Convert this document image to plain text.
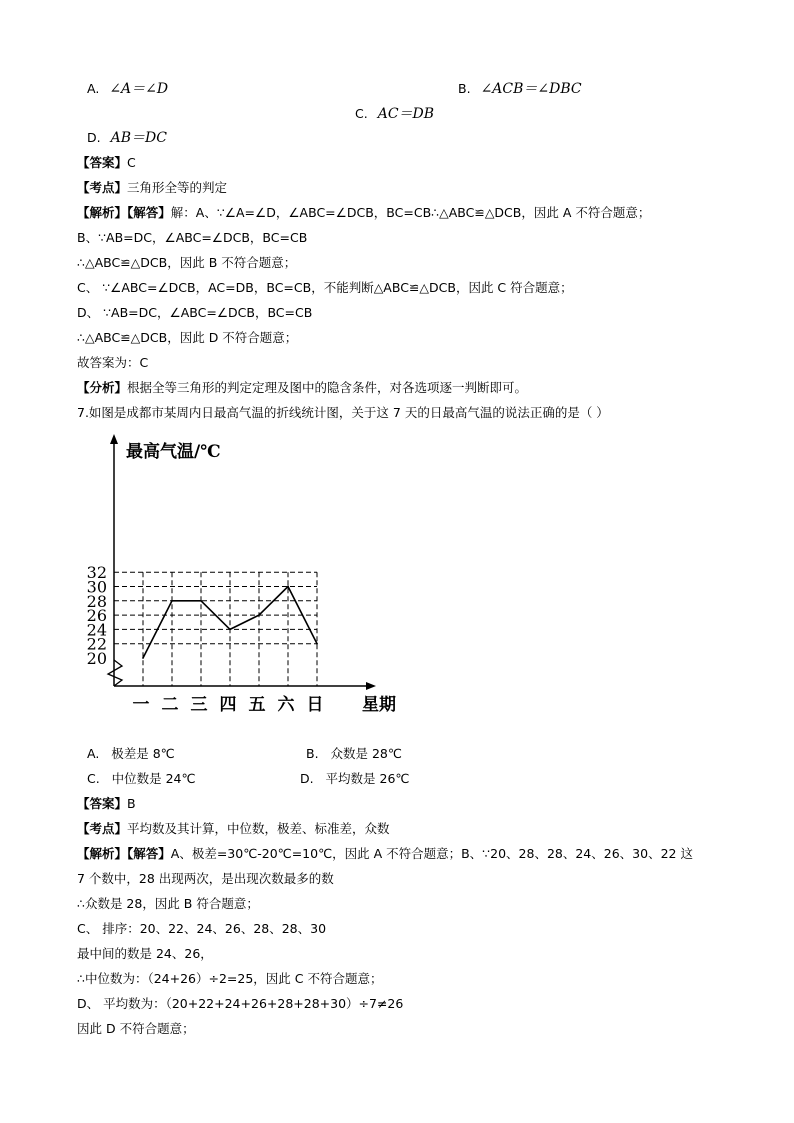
A. ∠A＝∠D	B. ∠ACB＝∠DBC
C. AC＝DB
D. AB＝DC
【答案】C
【考点】三角形全等的判定
【解析】【解答】解：A、∵∠A=∠D，∠ABC=∠DCB，BC=CB∴△ABC≌△DCB，因此 A 不符合题意；
B、∵AB=DC，∠ABC=∠DCB，BC=CB
∴△ABC≌△DCB，因此 B 不符合题意；
C、 ∵∠ABC=∠DCB，AC=DB，BC=CB，不能判断△ABC≌△DCB，因此 C 符合题意；
D、 ∵AB=DC，∠ABC=∠DCB，BC=CB
∴△ABC≌△DCB，因此 D 不符合题意；
故答案为：C
【分析】根据全等三角形的判定定理及图中的隐含条件，对各选项逐一判断即可。
7.如图是成都市某周内日最高气温的折线统计图，关于这 7 天的日最高气温的说法正确的是（ ）
最高气温/℃
星期
20
22
24
26
28
30
32
一 二 三 四 五 六 日
A. 极差是 8℃	B. 众数是 28℃
C. 中位数是 24℃	D. 平均数是 26℃
【答案】B
【考点】平均数及其计算，中位数，极差、标准差，众数
【解析】【解答】A、极差=30℃-20℃=10℃，因此 A 不符合题意；B、∵20、28、28、24、26、30、22 这
7 个数中，28 出现两次，是出现次数最多的数
∴众数是 28，因此 B 符合题意；
C、 排序：20、22、24、26、28、28、30
最中间的数是 24、26，
∴中位数为：（24+26）÷2=25，因此 C 不符合题意；
D、 平均数为：（20+22+24+26+28+28+30）÷7≠26
因此 D 不符合题意；
